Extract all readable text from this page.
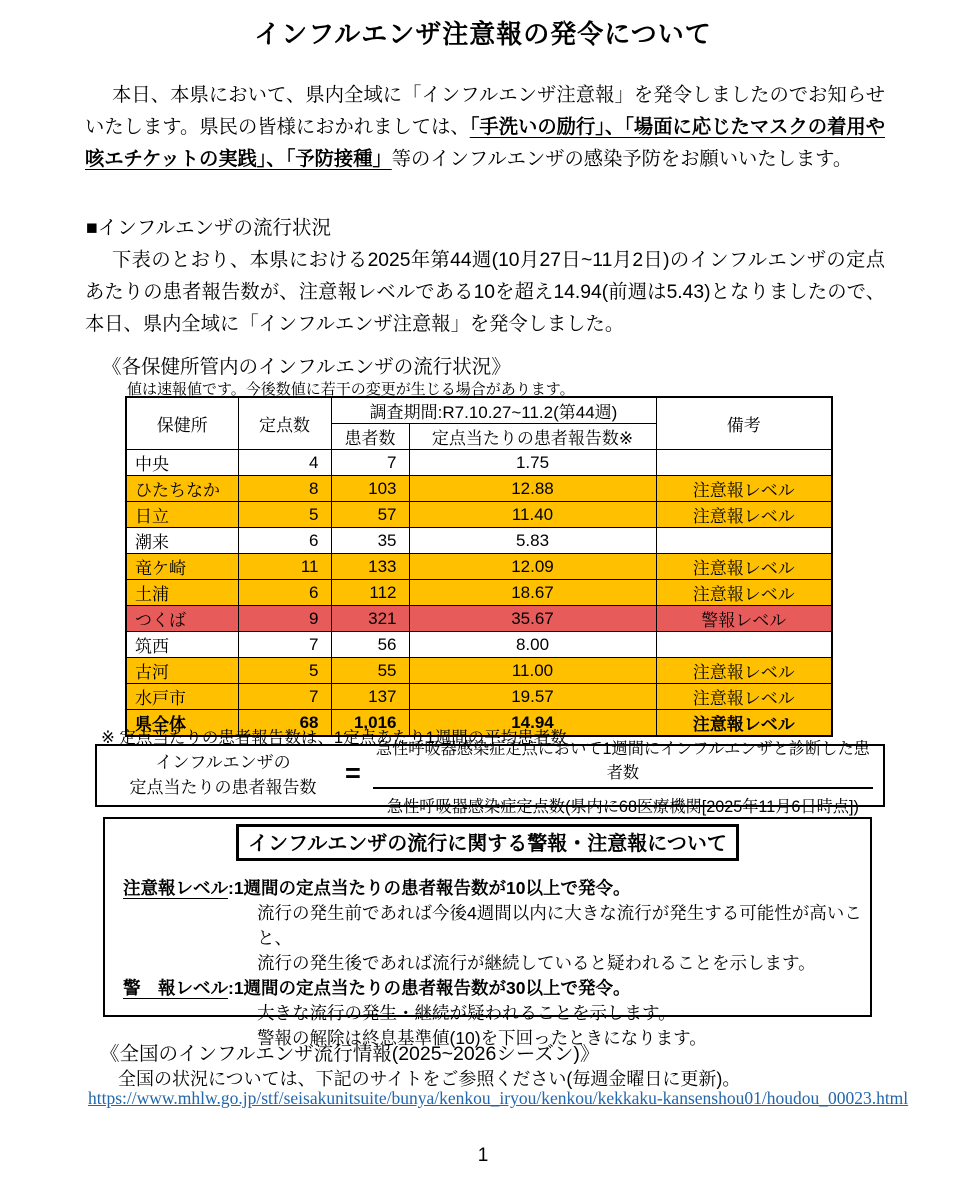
インフルエンザ注意報の発令について

本日、本県において、県内全域に「インフルエンザ注意報」を発令しましたのでお知らせいたします。県民の皆様におかれましては、「手洗いの励行」、「場面に応じたマスクの着用や咳エチケットの実践」、「予防接種」等のインフルエンザの感染予防をお願いいたします。

■インフルエンザの流行状況

下表のとおり、本県における2025年第44週(10月27日~11月2日)のインフルエンザの定点あたりの患者報告数が、注意報レベルである10を超え14.94(前週は5.43)となりましたので、本日、県内全域に「インフルエンザ注意報」を発令しました。

《各保健所管内のインフルエンザの流行状況》
値は速報値です。今後数値に若干の変更が生じる場合があります。
保健所	定点数	調査期間:R7.10.27~11.2(第44週)		備考
		患者数	定点当たりの患者報告数※	
中央	4	7	1.75	
ひたちなか	8	103	12.88	注意報レベル
日立	5	57	11.40	注意報レベル
潮来	6	35	5.83	
竜ケ崎	11	133	12.09	注意報レベル
土浦	6	112	18.67	注意報レベル
つくば	9	321	35.67	警報レベル
筑西	7	56	8.00	
古河	5	55	11.00	注意報レベル
水戸市	7	137	19.57	注意報レベル
県全体	68	1,016	14.94	注意報レベル
※ 定点当たりの患者報告数は、1定点あたり1週間の平均患者数
インフルエンザの
定点当たりの患者報告数	= $\frac{\text{急性呼吸器感染症定点において1週間にインフルエンザと診断した患者数}}{\text{急性呼吸器感染症定点数(県内に68医療機関[2025年11月6日時点])}}$
インフルエンザの流行に関する警報・注意報について
注意報レベル:1週間の定点当たりの患者報告数が10以上で発令。
流行の発生前であれば今後4週間以内に大きな流行が発生する可能性が高いこと、
流行の発生後であれば流行が継続していると疑われることを示します。
警　報レベル:1週間の定点当たりの患者報告数が30以上で発令。
大きな流行の発生・継続が疑われることを示します。
警報の解除は終息基準値(10)を下回ったときになります。
《全国のインフルエンザ流行情報(2025~2026シーズン)》
全国の状況については、下記のサイトをご参照ください(毎週金曜日に更新)。
https://www.mhlw.go.jp/stf/seisakunitsuite/bunya/kenkou_iryou/kenkou/kekkaku-kansenshou01/houdou_00023.html
1
